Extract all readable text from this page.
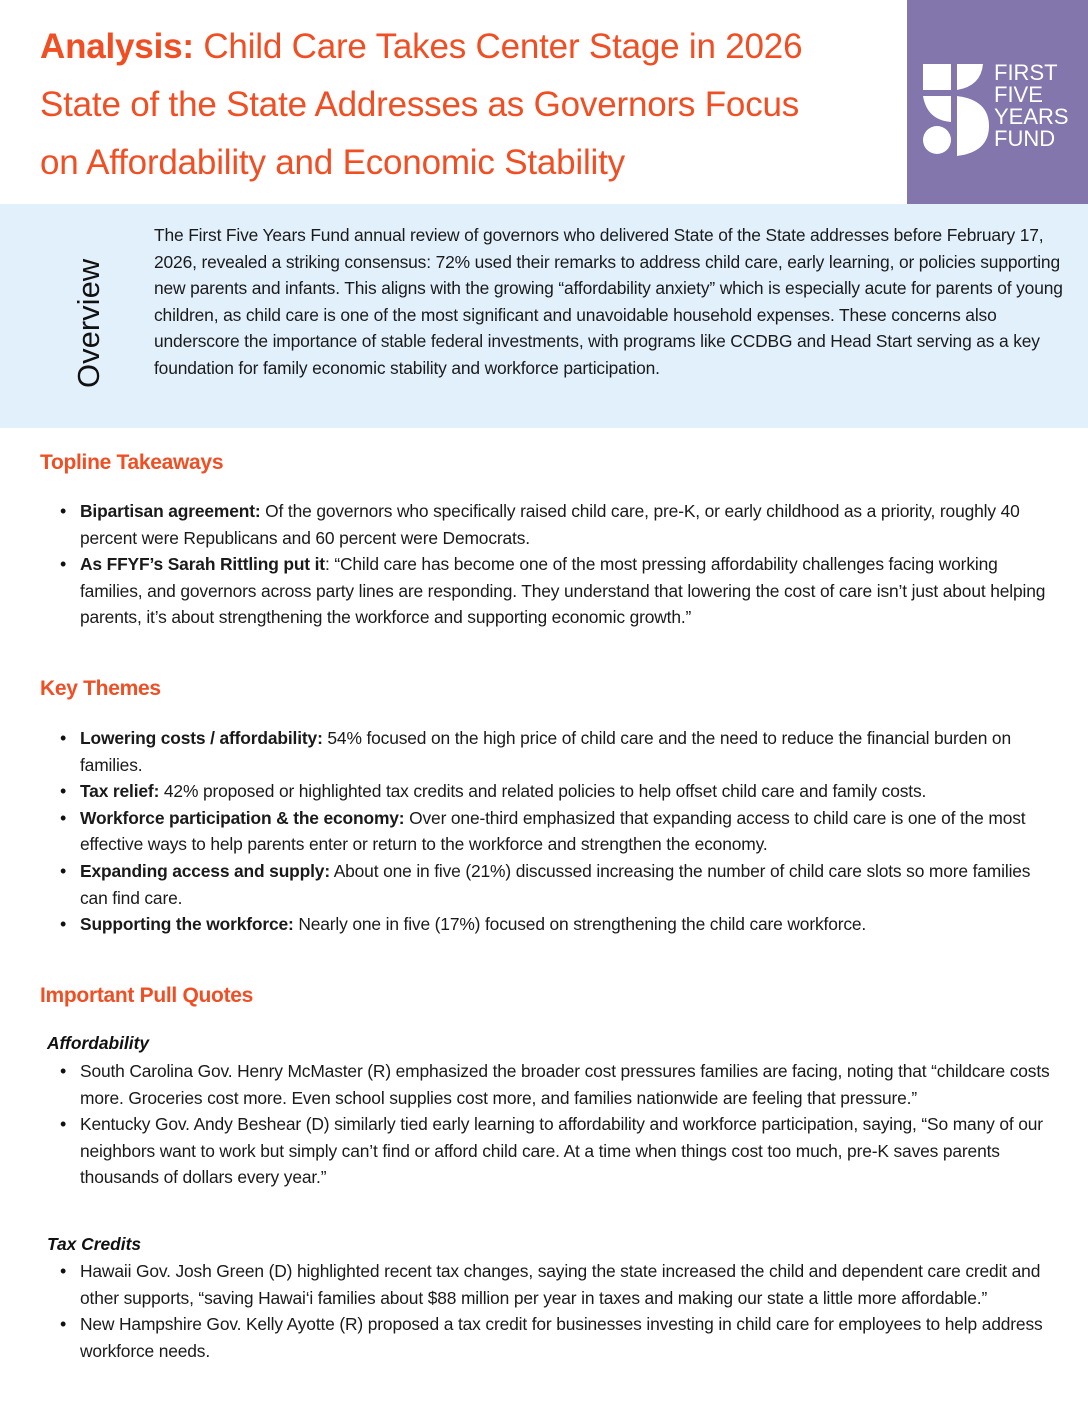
Analysis: Child Care Takes Center Stage in 2026
State of the State Addresses as Governors Focus
on Affordability and Economic Stability
FIRST
FIVE
YEARS
FUND
Overview
The First Five Years Fund annual review of governors who delivered State of the State addresses before February 17, 2026, revealed a striking consensus: 72% used their remarks to address child care, early learning, or policies supporting new parents and infants. This aligns with the growing “affordability anxiety” which is especially acute for parents of young children, as child care is one of the most significant and unavoidable household expenses. These concerns also underscore the importance of stable federal investments, with programs like CCDBG and Head Start serving as a key foundation for family economic stability and workforce participation.
Topline Takeaways
• Bipartisan agreement: Of the governors who specifically raised child care, pre-K, or early childhood as a priority, roughly 40 percent were Republicans and 60 percent were Democrats.
• As FFYF’s Sarah Rittling put it: “Child care has become one of the most pressing affordability challenges facing working families, and governors across party lines are responding. They understand that lowering the cost of care isn’t just about helping parents, it’s about strengthening the workforce and supporting economic growth.”
Key Themes
• Lowering costs / affordability: 54% focused on the high price of child care and the need to reduce the financial burden on families.
• Tax relief: 42% proposed or highlighted tax credits and related policies to help offset child care and family costs.
• Workforce participation & the economy: Over one-third emphasized that expanding access to child care is one of the most effective ways to help parents enter or return to the workforce and strengthen the economy.
• Expanding access and supply: About one in five (21%) discussed increasing the number of child care slots so more families can find care.
• Supporting the workforce: Nearly one in five (17%) focused on strengthening the child care workforce.
Important Pull Quotes
Affordability
• South Carolina Gov. Henry McMaster (R) emphasized the broader cost pressures families are facing, noting that “childcare costs more. Groceries cost more. Even school supplies cost more, and families nationwide are feeling that pressure.”
• Kentucky Gov. Andy Beshear (D) similarly tied early learning to affordability and workforce participation, saying, “So many of our neighbors want to work but simply can’t find or afford child care. At a time when things cost too much, pre-K saves parents thousands of dollars every year.”
Tax Credits
• Hawaii Gov. Josh Green (D) highlighted recent tax changes, saying the state increased the child and dependent care credit and other supports, “saving Hawai‘i families about $88 million per year in taxes and making our state a little more affordable.”
• New Hampshire Gov. Kelly Ayotte (R) proposed a tax credit for businesses investing in child care for employees to help address workforce needs.
